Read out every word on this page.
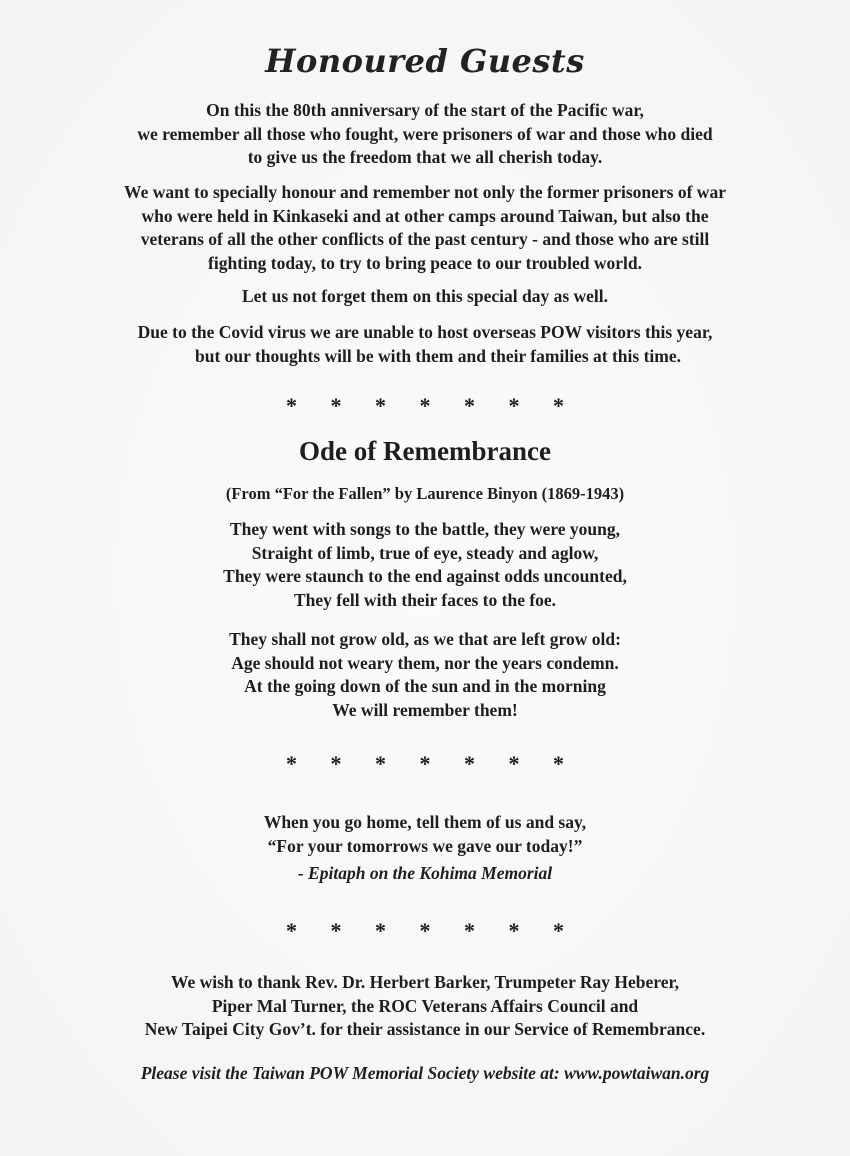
Honoured Guests
On this the 80th anniversary of the start of the Pacific war,
we remember all those who fought, were prisoners of war and those who died
to give us the freedom that we all cherish today.
We want to specially honour and remember not only the former prisoners of war
who were held in Kinkaseki and at other camps around Taiwan, but also the
veterans of all the other conflicts of the past century - and those who are still
fighting today, to try to bring peace to our troubled world.
Let us not forget them on this special day as well.
Due to the Covid virus we are unable to host overseas POW visitors this year,
but our thoughts will be with them and their families at this time.
* * * * * * *
Ode of Remembrance
(From “For the Fallen” by Laurence Binyon (1869-1943)
They went with songs to the battle, they were young,
Straight of limb, true of eye, steady and aglow,
They were staunch to the end against odds uncounted,
They fell with their faces to the foe.
They shall not grow old, as we that are left grow old:
Age should not weary them, nor the years condemn.
At the going down of the sun and in the morning
We will remember them!
* * * * * * *
When you go home, tell them of us and say,
“For your tomorrows we gave our today!”
- Epitaph on the Kohima Memorial
* * * * * * *
We wish to thank Rev. Dr. Herbert Barker, Trumpeter Ray Heberer,
Piper Mal Turner, the ROC Veterans Affairs Council and
New Taipei City Gov’t. for their assistance in our Service of Remembrance.
Please visit the Taiwan POW Memorial Society website at: www.powtaiwan.org
